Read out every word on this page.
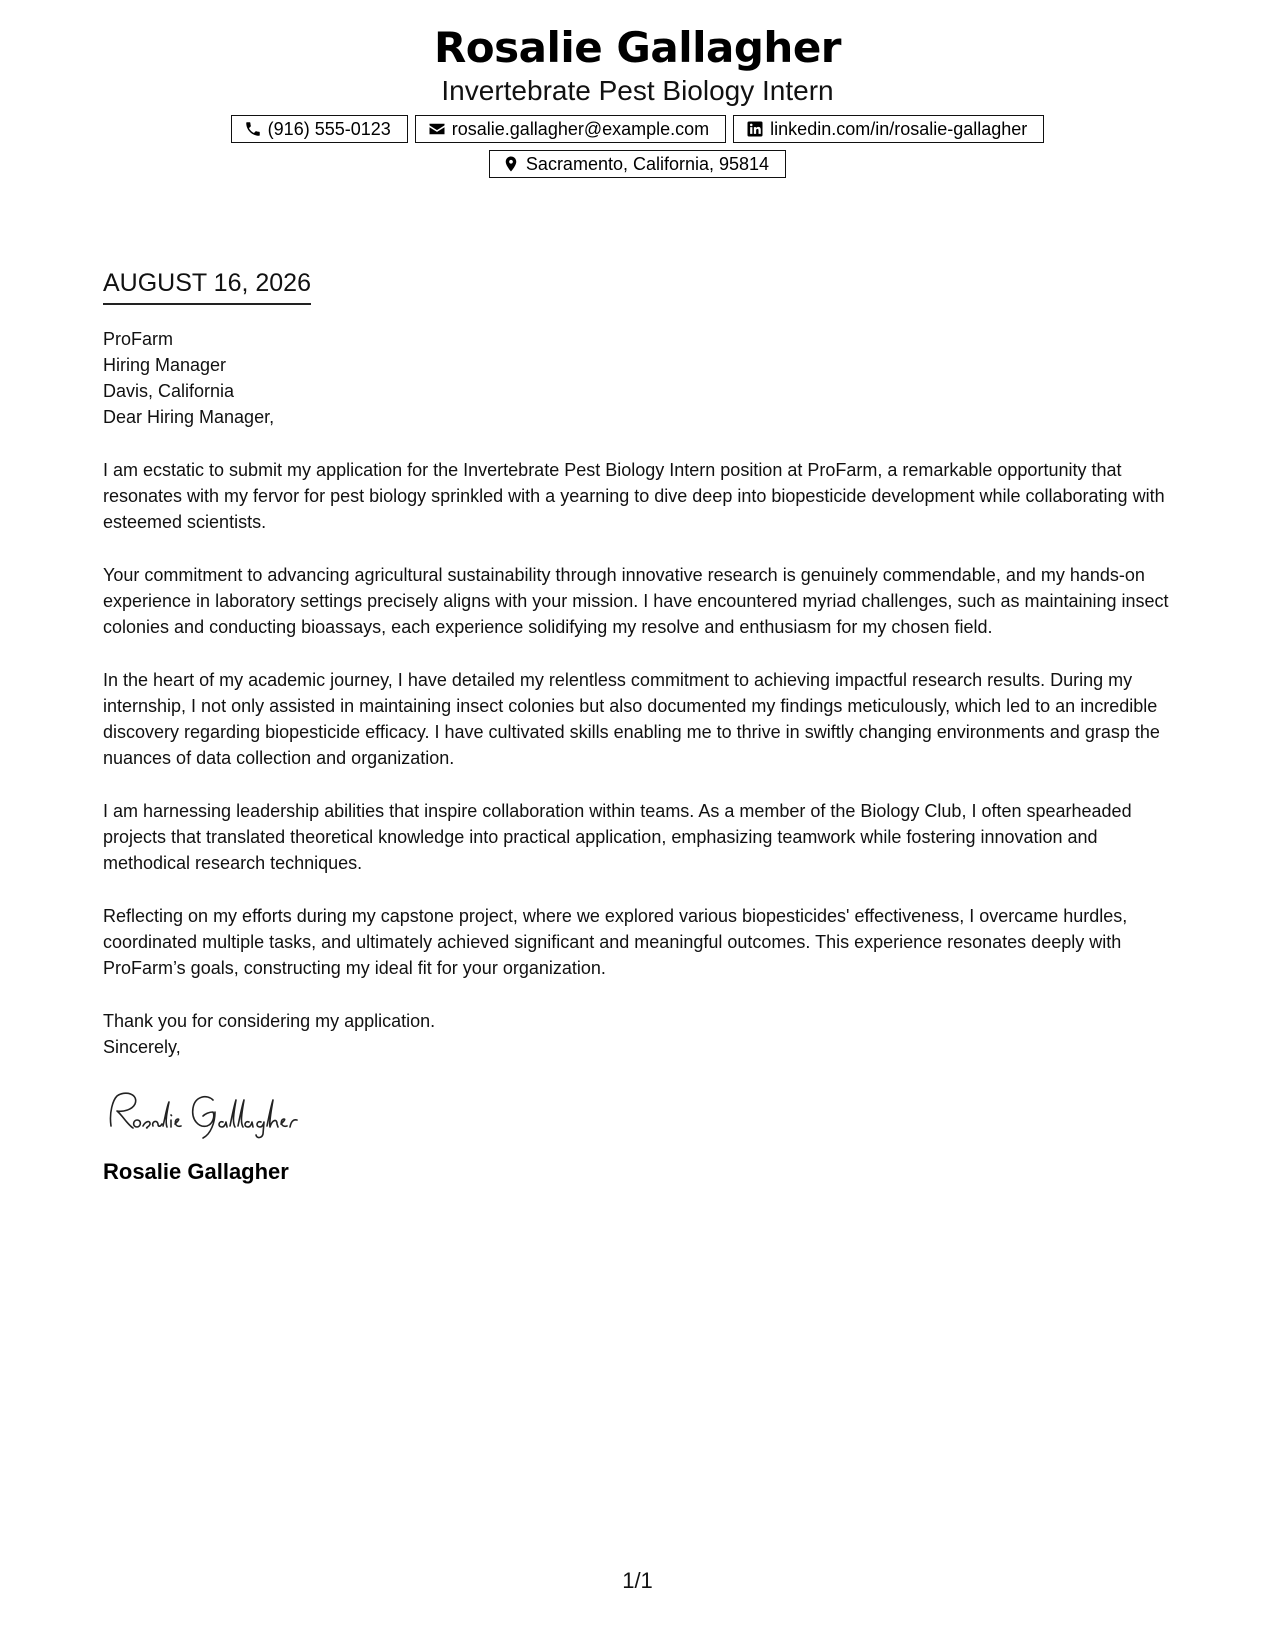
Rosalie Gallagher
Invertebrate Pest Biology Intern
(916) 555-0123	rosalie.gallagher@example.com	linkedin.com/in/rosalie-gallagher
Sacramento, California, 95814
AUGUST 16, 2026
ProFarm
Hiring Manager
Davis, California

Dear Hiring Manager,

I am ecstatic to submit my application for the Invertebrate Pest Biology Intern position at ProFarm, a remarkable opportunity that resonates with my fervor for pest biology sprinkled with a yearning to dive deep into biopesticide development while collaborating with esteemed scientists.

Your commitment to advancing agricultural sustainability through innovative research is genuinely commendable, and my hands-on experience in laboratory settings precisely aligns with your mission. I have encountered myriad challenges, such as maintaining insect colonies and conducting bioassays, each experience solidifying my resolve and enthusiasm for my chosen field.

In the heart of my academic journey, I have detailed my relentless commitment to achieving impactful research results. During my internship, I not only assisted in maintaining insect colonies but also documented my findings meticulously, which led to an incredible discovery regarding biopesticide efficacy. I have cultivated skills enabling me to thrive in swiftly changing environments and grasp the nuances of data collection and organization.

I am harnessing leadership abilities that inspire collaboration within teams. As a member of the Biology Club, I often spearheaded projects that translated theoretical knowledge into practical application, emphasizing teamwork while fostering innovation and methodical research techniques.

Reflecting on my efforts during my capstone project, where we explored various biopesticides' effectiveness, I overcame hurdles, coordinated multiple tasks, and ultimately achieved significant and meaningful outcomes. This experience resonates deeply with ProFarm’s goals, constructing my ideal fit for your organization.

Thank you for considering my application.

Sincerely,

Rosalie Gallagher
1/1
